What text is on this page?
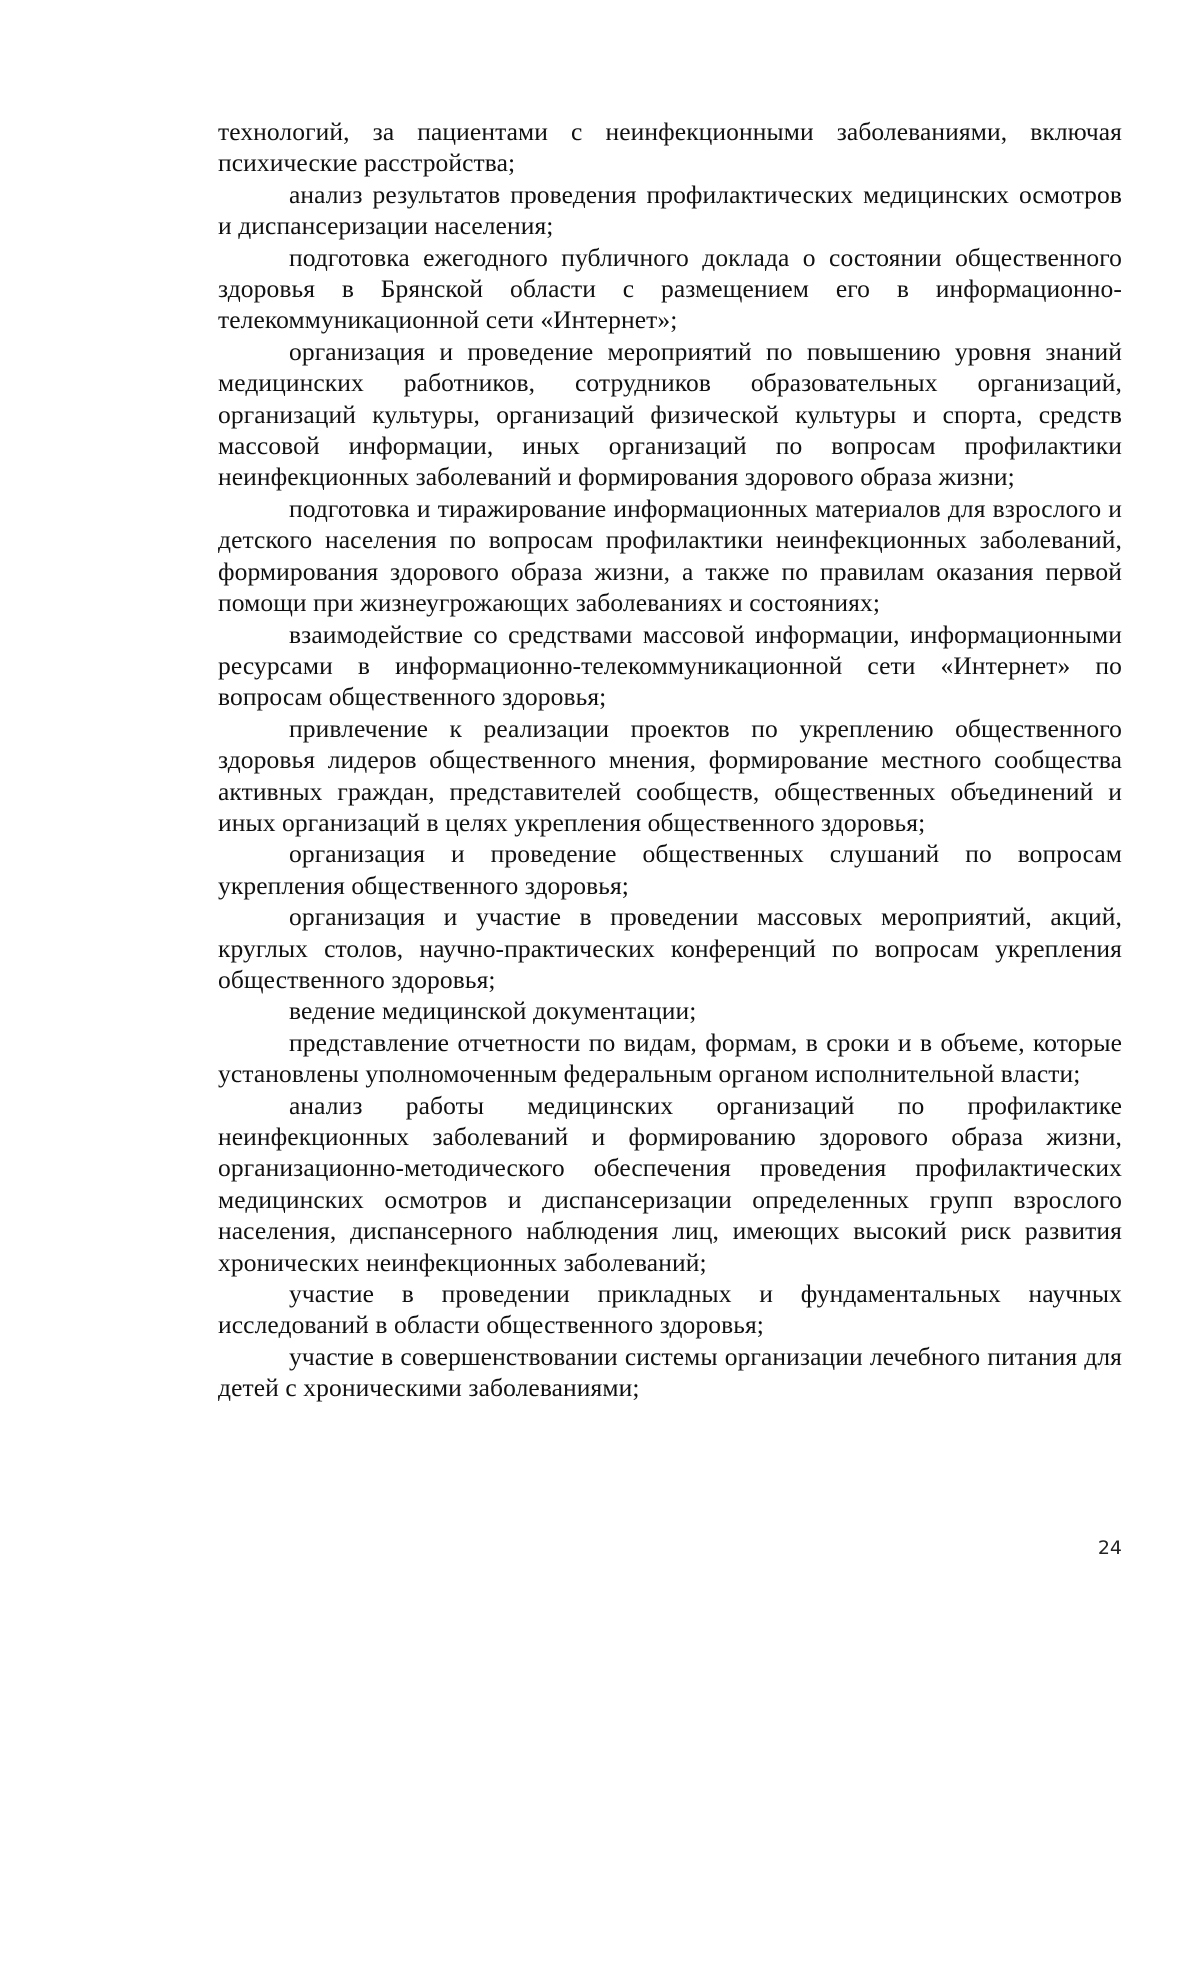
технологий, за пациентами с неинфекционными заболеваниями, включая психические расстройства;

анализ результатов проведения профилактических медицинских осмотров и диспансеризации населения;

подготовка ежегодного публичного доклада о состоянии общественного здоровья в Брянской области с размещением его в информационно-телекоммуникационной сети «Интернет»;

организация и проведение мероприятий по повышению уровня знаний медицинских работников, сотрудников образовательных организаций, организаций культуры, организаций физической культуры и спорта, средств массовой информации, иных организаций по вопросам профилактики неинфекционных заболеваний и формирования здорового образа жизни;

подготовка и тиражирование информационных материалов для взрослого и детского населения по вопросам профилактики неинфекционных заболеваний, формирования здорового образа жизни, а также по правилам оказания первой помощи при жизнеугрожающих заболеваниях и состояниях;

взаимодействие со средствами массовой информации, информационными ресурсами в информационно-телекоммуникационной сети «Интернет» по вопросам общественного здоровья;

привлечение к реализации проектов по укреплению общественного здоровья лидеров общественного мнения, формирование местного сообщества активных граждан, представителей сообществ, общественных объединений и иных организаций в целях укрепления общественного здоровья;

организация и проведение общественных слушаний по вопросам укрепления общественного здоровья;

организация и участие в проведении массовых мероприятий, акций, круглых столов, научно-практических конференций по вопросам укрепления общественного здоровья;

ведение медицинской документации;

представление отчетности по видам, формам, в сроки и в объеме, которые установлены уполномоченным федеральным органом исполнительной власти;

анализ работы медицинских организаций по профилактике неинфекционных заболеваний и формированию здорового образа жизни, организационно-методического обеспечения проведения профилактических медицинских осмотров и диспансеризации определенных групп взрослого населения, диспансерного наблюдения лиц, имеющих высокий риск развития хронических неинфекционных заболеваний;

участие в проведении прикладных и фундаментальных научных исследований в области общественного здоровья;

участие в совершенствовании системы организации лечебного питания для детей с хроническими заболеваниями;

24
